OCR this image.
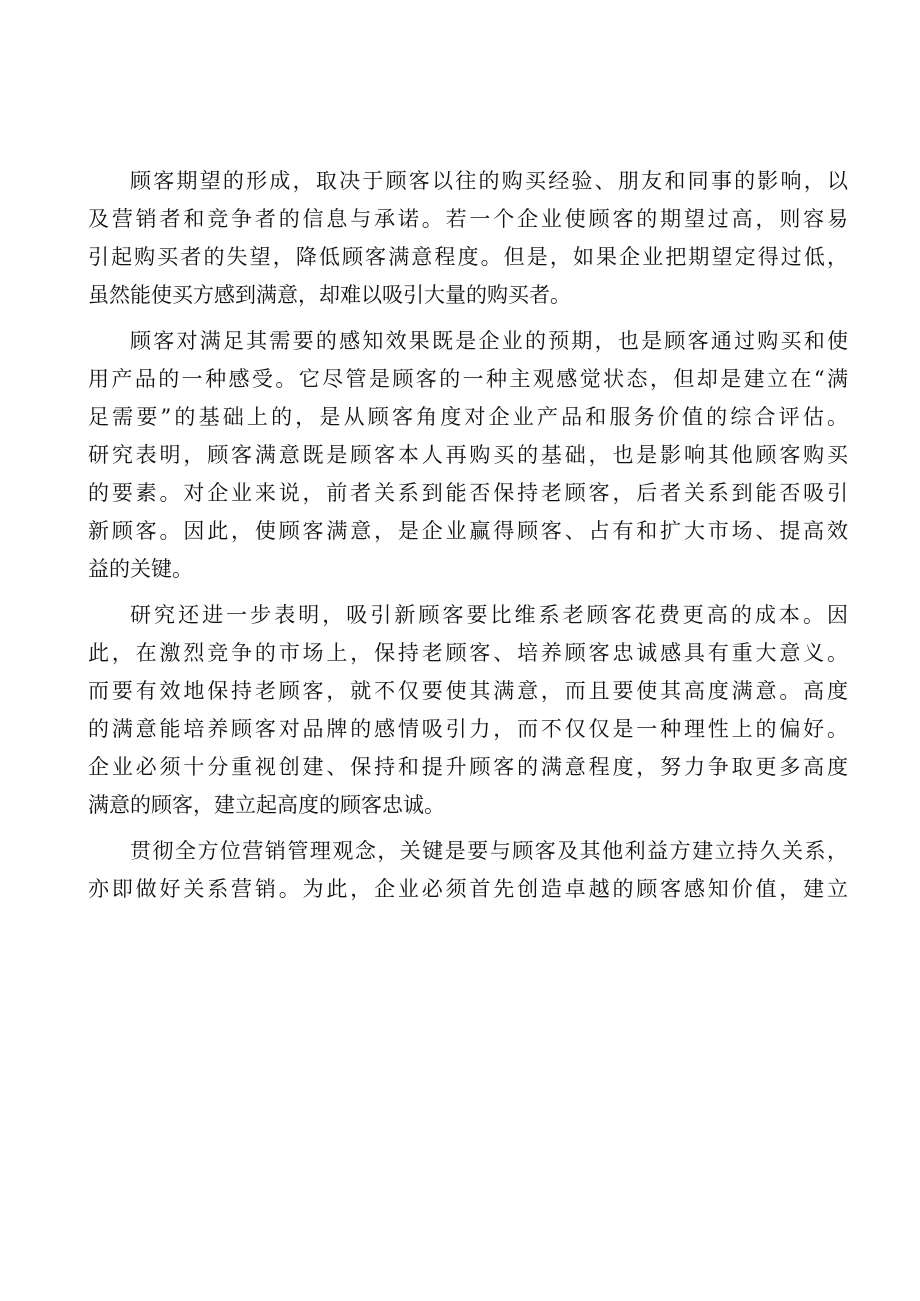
顾客期望的形成，取决于顾客以往的购买经验、朋友和同事的影响，以
及营销者和竞争者的信息与承诺。若一个企业使顾客的期望过高，则容易
引起购买者的失望，降低顾客满意程度。但是，如果企业把期望定得过低，
虽然能使买方感到满意，却难以吸引大量的购买者。
顾客对满足其需要的感知效果既是企业的预期，也是顾客通过购买和使
用产品的一种感受。它尽管是顾客的一种主观感觉状态，但却是建立在“满
足需要”的基础上的，是从顾客角度对企业产品和服务价值的综合评估。
研究表明，顾客满意既是顾客本人再购买的基础，也是影响其他顾客购买
的要素。对企业来说，前者关系到能否保持老顾客，后者关系到能否吸引
新顾客。因此，使顾客满意，是企业赢得顾客、占有和扩大市场、提高效
益的关键。
研究还进一步表明，吸引新顾客要比维系老顾客花费更高的成本。因
此，在激烈竞争的市场上，保持老顾客、培养顾客忠诚感具有重大意义。
而要有效地保持老顾客，就不仅要使其满意，而且要使其高度满意。高度
的满意能培养顾客对品牌的感情吸引力，而不仅仅是一种理性上的偏好。
企业必须十分重视创建、保持和提升顾客的满意程度，努力争取更多高度
满意的顾客，建立起高度的顾客忠诚。
贯彻全方位营销管理观念，关键是要与顾客及其他利益方建立持久关系，
亦即做好关系营销。为此，企业必须首先创造卓越的顾客感知价值，建立
